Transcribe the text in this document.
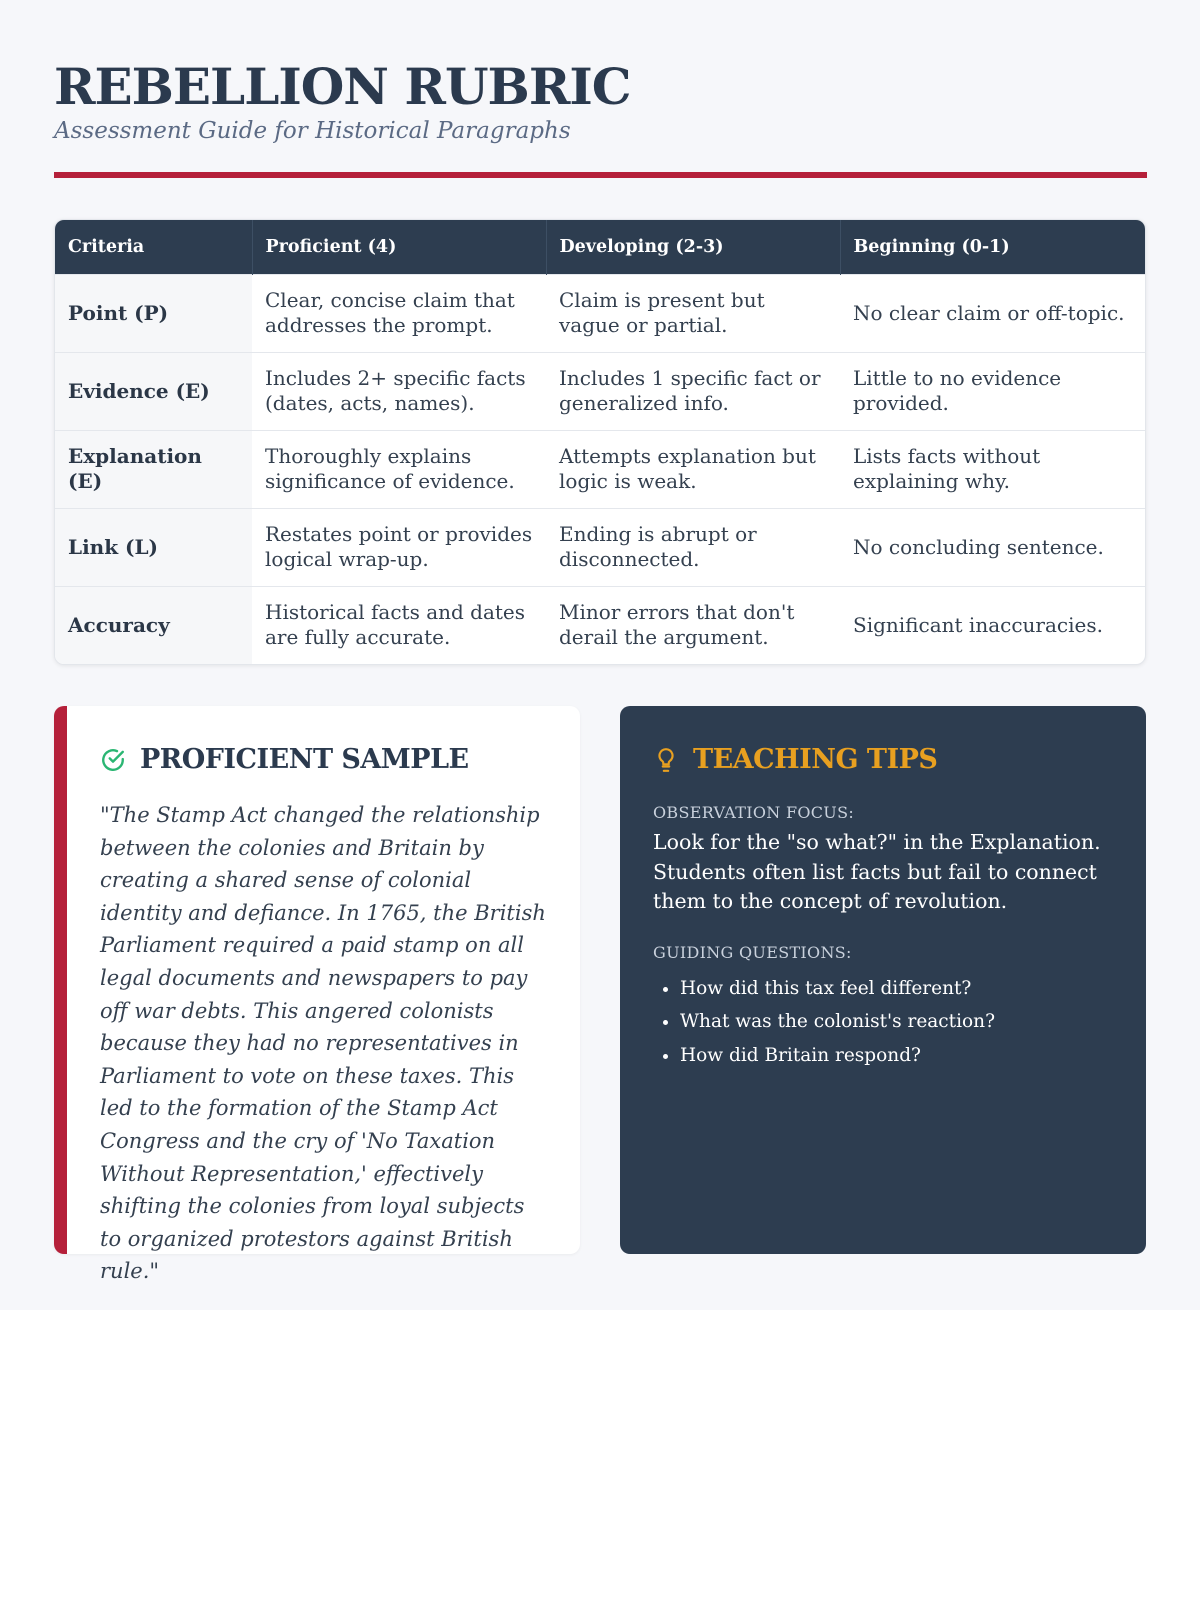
REBELLION RUBRIC
Assessment Guide for Historical Paragraphs
Criteria	Proficient (4)	Developing (2-3)	Beginning (0-1)
Point (P)	Clear, concise claim that addresses the prompt.	Claim is present but vague or partial.	No clear claim or off-topic.
Evidence (E)	Includes 2+ specific facts (dates, acts, names).	Includes 1 specific fact or generalized info.	Little to no evidence provided.
Explanation (E)	Thoroughly explains significance of evidence.	Attempts explanation but logic is weak.	Lists facts without explaining why.
Link (L)	Restates point or provides logical wrap-up.	Ending is abrupt or disconnected.	No concluding sentence.
Accuracy	Historical facts and dates are fully accurate.	Minor errors that don't derail the argument.	Significant inaccuracies.
PROFICIENT SAMPLE

"The Stamp Act changed the relationship between the colonies and Britain by creating a shared sense of colonial identity and defiance. In 1765, the British Parliament required a paid stamp on all legal documents and newspapers to pay off war debts. This angered colonists because they had no representatives in Parliament to vote on these taxes. This led to the formation of the Stamp Act Congress and the cry of 'No Taxation Without Representation,' effectively shifting the colonies from loyal subjects to organized protestors against British rule."

TEACHING TIPS
OBSERVATION FOCUS:

Look for the "so what?" in the Explanation. Students often list facts but fail to connect them to the concept of revolution.

GUIDING QUESTIONS:
• How did this tax feel different?
• What was the colonist's reaction?
• How did Britain respond?
